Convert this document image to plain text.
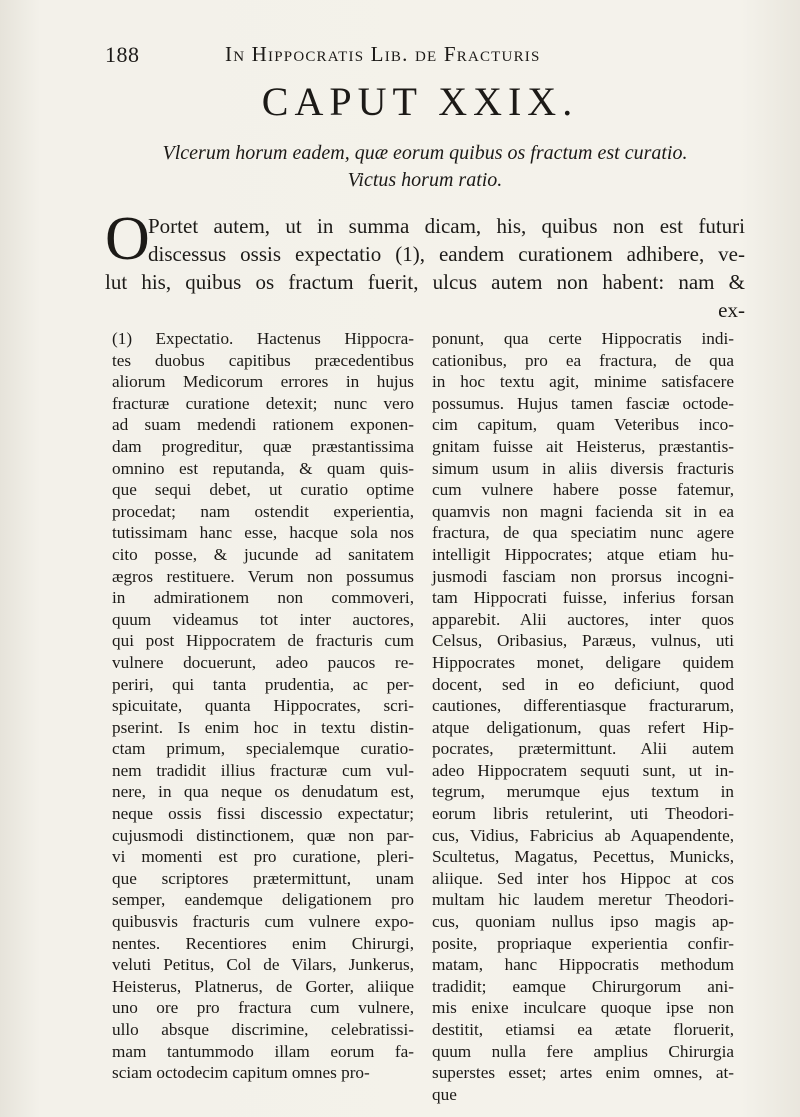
188	In Hippocratis Lib. de Fracturis
CAPUT XXIX.
Vlcerum horum eadem, quæ eorum quibus os fractum est curatio.
Victus horum ratio.
O
Portet autem, ut in summa dicam, his, quibus non est futuri
discessus ossis expectatio (1), eandem curationem adhibere, ve-
lut his, quibus os fractum fuerit, ulcus autem non habent: nam &
ex-
(1) Expectatio. Hactenus Hippocra-
tes duobus capitibus præcedentibus
aliorum Medicorum errores in hujus
fracturæ curatione detexit; nunc vero
ad suam medendi rationem exponen-
dam progreditur, quæ præstantissima
omnino est reputanda, & quam quis-
que sequi debet, ut curatio optime
procedat; nam ostendit experientia,
tutissimam hanc esse, hacque sola nos
cito posse, & jucunde ad sanitatem
ægros restituere. Verum non possumus
in admirationem non commoveri,
quum videamus tot inter auctores,
qui post Hippocratem de fracturis cum
vulnere docuerunt, adeo paucos re-
periri, qui tanta prudentia, ac per-
spicuitate, quanta Hippocrates, scri-
pserint. Is enim hoc in textu distin-
ctam primum, specialemque curatio-
nem tradidit illius fracturæ cum vul-
nere, in qua neque os denudatum est,
neque ossis fissi discessio expectatur;
cujusmodi distinctionem, quæ non par-
vi momenti est pro curatione, pleri-
que scriptores prætermittunt, unam
semper, eandemque deligationem pro
quibusvis fracturis cum vulnere expo-
nentes. Recentiores enim Chirurgi,
veluti Petitus, Col de Vilars, Junkerus,
Heisterus, Platnerus, de Gorter, aliique
uno ore pro fractura cum vulnere,
ullo absque discrimine, celebratissi-
mam tantummodo illam eorum fa-
sciam octodecim capitum omnes pro-
ponunt, qua certe Hippocratis indi-
cationibus, pro ea fractura, de qua
in hoc textu agit, minime satisfacere
possumus. Hujus tamen fasciæ octode-
cim capitum, quam Veteribus inco-
gnitam fuisse ait Heisterus, præstantis-
simum usum in aliis diversis fracturis
cum vulnere habere posse fatemur,
quamvis non magni facienda sit in ea
fractura, de qua speciatim nunc agere
intelligit Hippocrates; atque etiam hu-
jusmodi fasciam non prorsus incogni-
tam Hippocrati fuisse, inferius forsan
apparebit. Alii auctores, inter quos
Celsus, Oribasius, Paræus, vulnus, uti
Hippocrates monet, deligare quidem
docent, sed in eo deficiunt, quod
cautiones, differentiasque fracturarum,
atque deligationum, quas refert Hip-
pocrates, prætermittunt. Alii autem
adeo Hippocratem sequuti sunt, ut in-
tegrum, merumque ejus textum in
eorum libris retulerint, uti Theodori-
cus, Vidius, Fabricius ab Aquapendente,
Scultetus, Magatus, Pecettus, Municks,
aliique. Sed inter hos Hippoc at cos
multam hic laudem meretur Theodori-
cus, quoniam nullus ipso magis ap-
posite, propriaque experientia confir-
matam, hanc Hippocratis methodum
tradidit; eamque Chirurgorum ani-
mis enixe inculcare quoque ipse non
destitit, etiamsi ea ætate floruerit,
quum nulla fere amplius Chirurgia
superstes esset; artes enim omnes, at-
que
